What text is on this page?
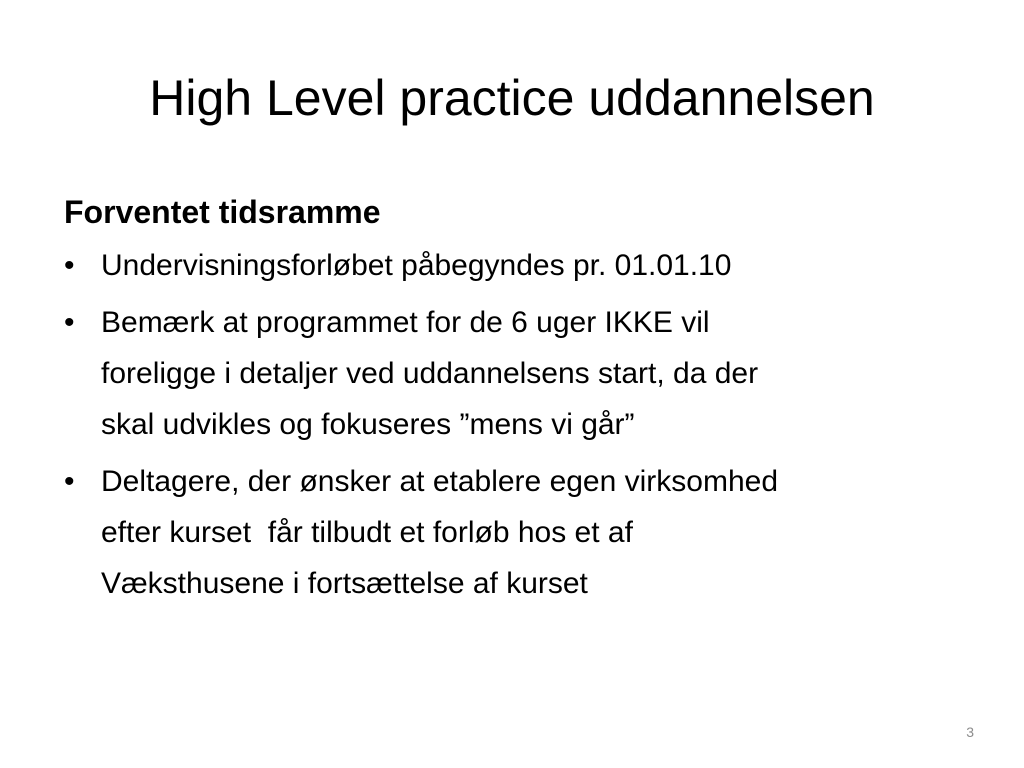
High Level practice uddannelsen
Forventet tidsramme
• Undervisningsforløbet påbegyndes pr. 01.01.10
• Bemærk at programmet for de 6 uger IKKE vil
foreligge i detaljer ved uddannelsens start, da der
skal udvikles og fokuseres ”mens vi går”
• Deltagere, der ønsker at etablere egen virksomhed
efter kurset  får tilbudt et forløb hos et af
Væksthusene i fortsættelse af kurset
3
